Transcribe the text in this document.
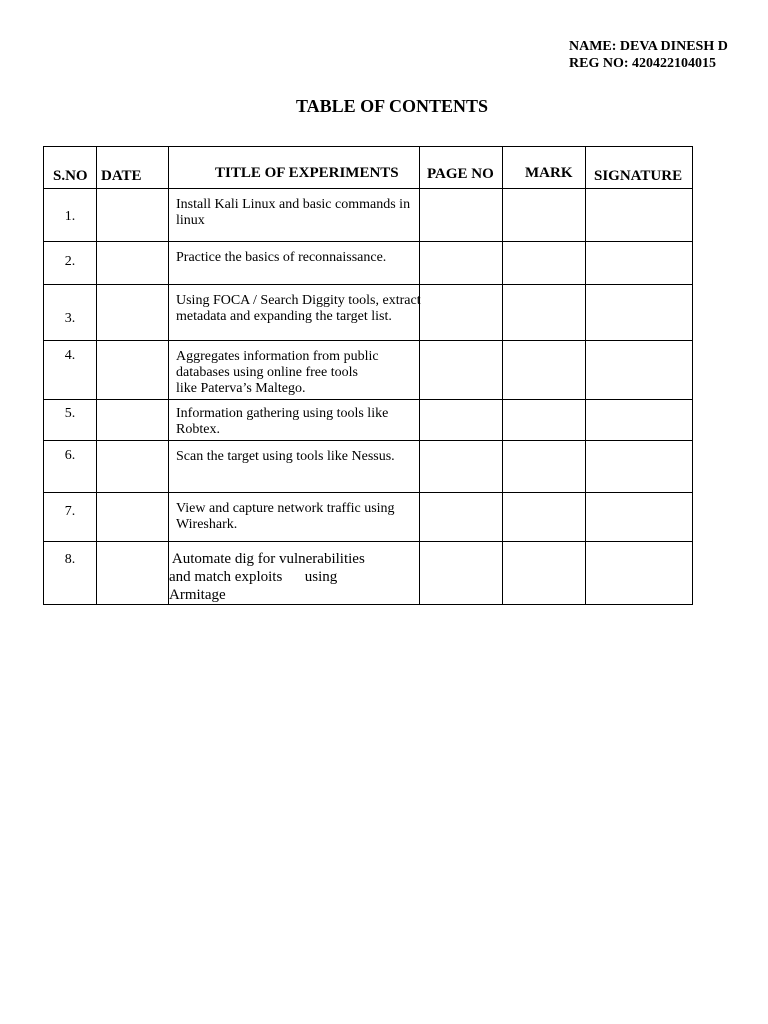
NAME: DEVA DINESH D
REG NO: 420422104015
TABLE OF CONTENTS
S.NO	DATE	TITLE OF EXPERIMENTS	PAGE NO	MARK	SIGNATURE

1.		Install Kali Linux and basic commands in
linux			

2.		Practice the basics of reconnaissance.			

3.		Using FOCA / Search Diggity tools, extract
metadata and expanding the target list.			

4.		Aggregates information from public
databases using online free tools
like Paterva’s Maltego.			

5.		Information gathering using tools like
Robtex.			

6.		Scan the target using tools like Nessus.			

7.		View and capture network traffic using
Wireshark.			

8.		Automate dig for vulnerabilities
and match exploits      using
Armitage			
